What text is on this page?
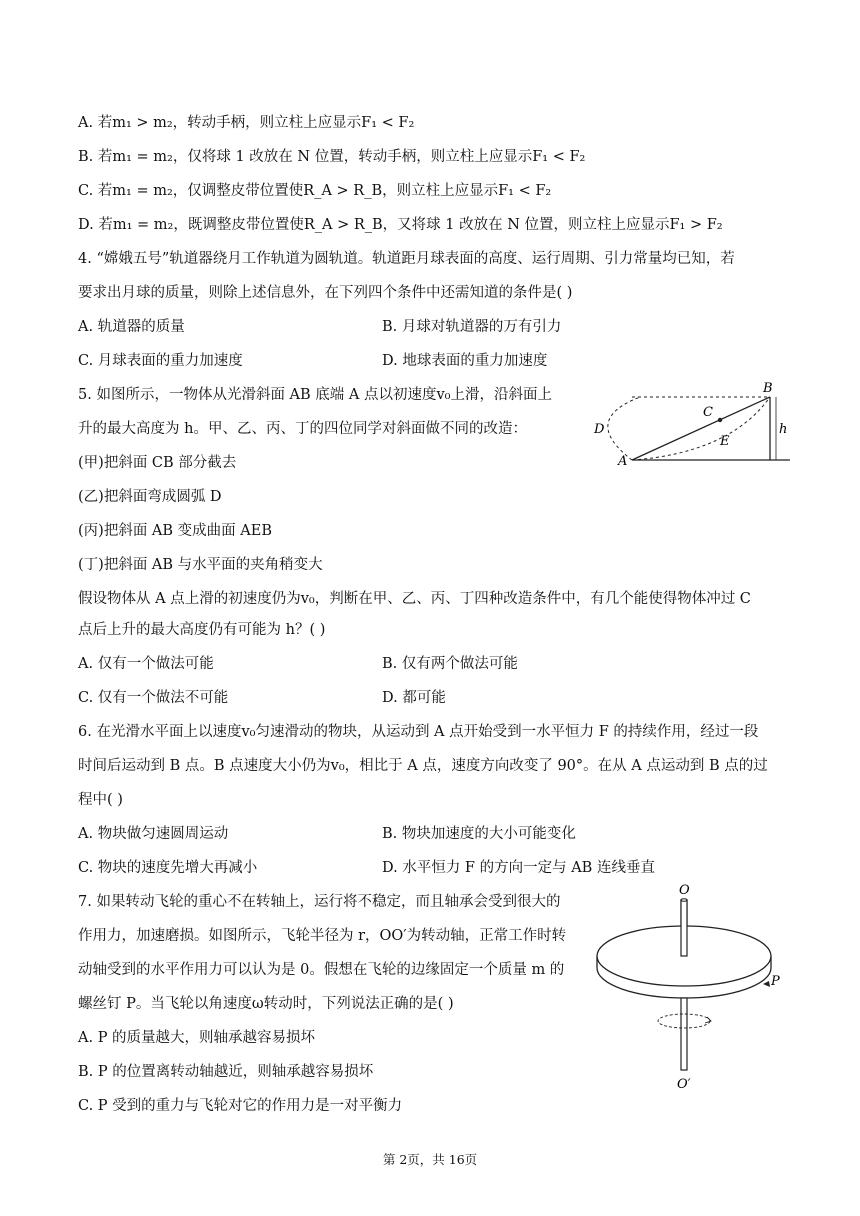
A. 若m₁ > m₂，转动手柄，则立柱上应显示F₁ < F₂
B. 若m₁ = m₂，仅将球 1 改放在 N 位置，转动手柄，则立柱上应显示F₁ < F₂
C. 若m₁ = m₂，仅调整皮带位置使R_A > R_B，则立柱上应显示F₁ < F₂
D. 若m₁ = m₂，既调整皮带位置使R_A > R_B，又将球 1 改放在 N 位置，则立柱上应显示F₁ > F₂
4. “嫦娥五号”轨道器绕月工作轨道为圆轨道。轨道距月球表面的高度、运行周期、引力常量均已知，若
要求出月球的质量，则除上述信息外，在下列四个条件中还需知道的条件是( )
A. 轨道器的质量	B. 月球对轨道器的万有引力
C. 月球表面的重力加速度	D. 地球表面的重力加速度
5. 如图所示，一物体从光滑斜面 AB 底端 A 点以初速度v₀上滑，沿斜面上
升的最大高度为 h。甲、乙、丙、丁的四位同学对斜面做不同的改造：
(甲)把斜面 CB 部分截去
(乙)把斜面弯成圆弧 D
(丙)把斜面 AB 变成曲面 AEB
(丁)把斜面 AB 与水平面的夹角稍变大
假设物体从 A 点上滑的初速度仍为v₀，判断在甲、乙、丙、丁四种改造条件中，有几个能使得物体冲过 C
点后上升的最大高度仍有可能为 h？( )
A. 仅有一个做法可能	B. 仅有两个做法可能
C. 仅有一个做法不可能	D. 都可能
B
C
D
E
A
h
6. 在光滑水平面上以速度v₀匀速滑动的物块，从运动到 A 点开始受到一水平恒力 F 的持续作用，经过一段
时间后运动到 B 点。B 点速度大小仍为v₀，相比于 A 点，速度方向改变了 90°。在从 A 点运动到 B 点的过
程中( )
A. 物块做匀速圆周运动	B. 物块加速度的大小可能变化
C. 物块的速度先增大再减小	D. 水平恒力 F 的方向一定与 AB 连线垂直
7. 如果转动飞轮的重心不在转轴上，运行将不稳定，而且轴承会受到很大的
作用力，加速磨损。如图所示，飞轮半径为 r，OO′为转动轴，正常工作时转
动轴受到的水平作用力可以认为是 0。假想在飞轮的边缘固定一个质量 m 的
螺丝钉 P。当飞轮以角速度ω转动时，下列说法正确的是( )
A. P 的质量越大，则轴承越容易损坏
B. P 的位置离转动轴越近，则轴承越容易损坏
C. P 受到的重力与飞轮对它的作用力是一对平衡力
O
P
O′
第 2页，共 16页
